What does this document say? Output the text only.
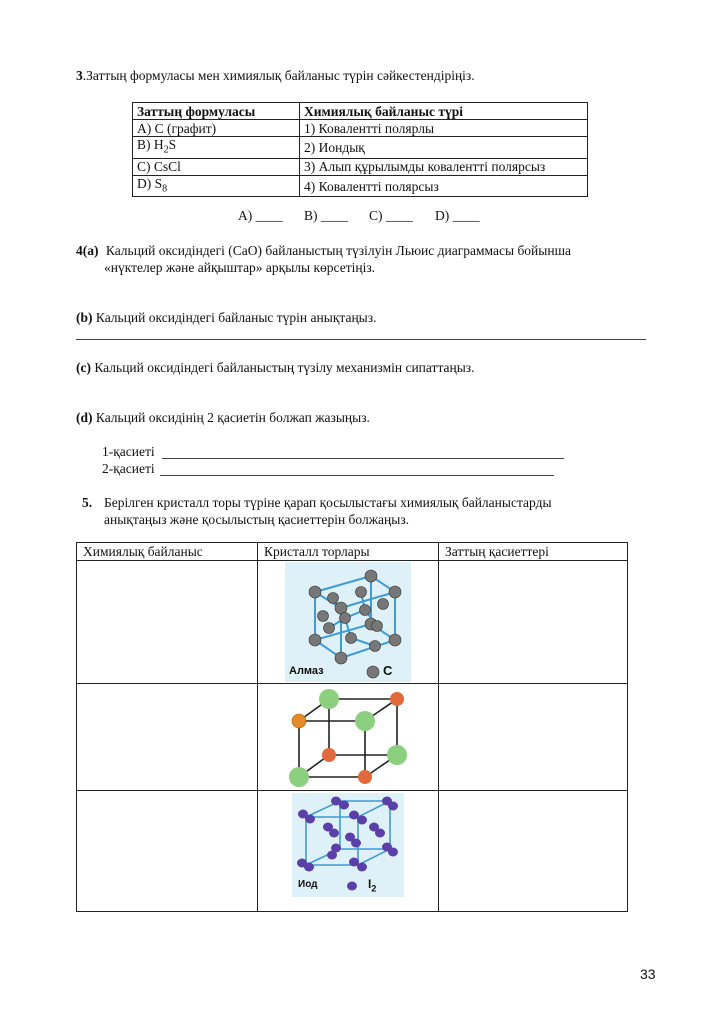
3.Заттың формуласы мен химиялық байланыс түрін сәйкестендіріңіз.
Заттың формуласы	Химиялық байланыс түрі
А) С (графит)	1) Ковалентті полярлы
В) $Н_2S$	2) Иондық
С) CsCl	3) Алып құрылымды ковалентті полярсыз
D) $S_8$	4) Ковалентті полярсыз
А) ____ В) ____ С) ____ D) ____
4(a) Кальций оксидіндегі (СаО) байланыстың түзілуін Льюис диаграммасы бойынша
«нүктелер және айқыштар» арқылы көрсетіңіз.
(b) Кальций оксидіндегі байланыс түрін анықтаңыз.
(c) Кальций оксидіндегі байланыстың түзілу механизмін сипаттаңыз.
(d) Кальций оксидінің 2 қасиетін болжап жазыңыз.
1-қасиеті
2-қасиеті
5. Берілген кристалл торы түріне қарап қосылыстағы химиялық байланыстарды
анықтаңыз және қосылыстың қасиеттерін болжаңыз.
Химиялық байланыс	Кристалл торлары	Заттың қасиеттері

	Алмаз C	

	Иод $I_2$

33
